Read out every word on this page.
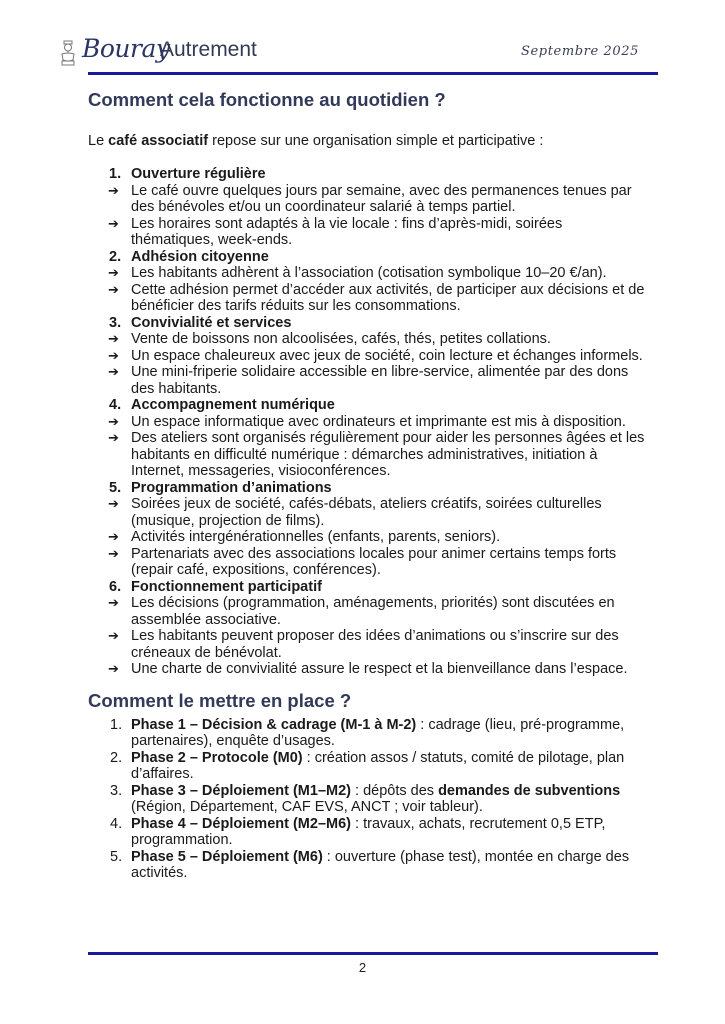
Bouray
Autrement	Septembre 2025
Comment cela fonctionne au quotidien ?

Le café associatif repose sur une organisation simple et participative :

1. Ouverture régulière
➔ Le café ouvre quelques jours par semaine, avec des permanences tenues par des bénévoles et/ou un coordinateur salarié à temps partiel.
➔ Les horaires sont adaptés à la vie locale : fins d’après-midi, soirées thématiques, week-ends.
2. Adhésion citoyenne
➔ Les habitants adhèrent à l’association (cotisation symbolique 10–20 €/an).
➔ Cette adhésion permet d’accéder aux activités, de participer aux décisions et de bénéficier des tarifs réduits sur les consommations.
3. Convivialité et services
➔ Vente de boissons non alcoolisées, cafés, thés, petites collations.
➔ Un espace chaleureux avec jeux de société, coin lecture et échanges informels.
➔ Une mini-friperie solidaire accessible en libre-service, alimentée par des dons des habitants.
4. Accompagnement numérique
➔ Un espace informatique avec ordinateurs et imprimante est mis à disposition.
➔ Des ateliers sont organisés régulièrement pour aider les personnes âgées et les habitants en difficulté numérique : démarches administratives, initiation à Internet, messageries, visioconférences.
5. Programmation d’animations
➔ Soirées jeux de société, cafés-débats, ateliers créatifs, soirées culturelles (musique, projection de films).
➔ Activités intergénérationnelles (enfants, parents, seniors).
➔ Partenariats avec des associations locales pour animer certains temps forts (repair café, expositions, conférences).
6. Fonctionnement participatif
➔ Les décisions (programmation, aménagements, priorités) sont discutées en assemblée associative.
➔ Les habitants peuvent proposer des idées d’animations ou s’inscrire sur des créneaux de bénévolat.
➔ Une charte de convivialité assure le respect et la bienveillance dans l’espace.
Comment le mettre en place ?
1. Phase 1 – Décision & cadrage (M-1 à M-2) : cadrage (lieu, pré-programme, partenaires), enquête d’usages.
2. Phase 2 – Protocole (M0) : création assos / statuts, comité de pilotage, plan d’affaires.
3. Phase 3 – Déploiement (M1–M2) : dépôts des demandes de subventions (Région, Département, CAF EVS, ANCT ; voir tableur).
4. Phase 4 – Déploiement (M2–M6) : travaux, achats, recrutement 0,5 ETP, programmation.
5. Phase 5 – Déploiement (M6) : ouverture (phase test), montée en charge des activités.
2
